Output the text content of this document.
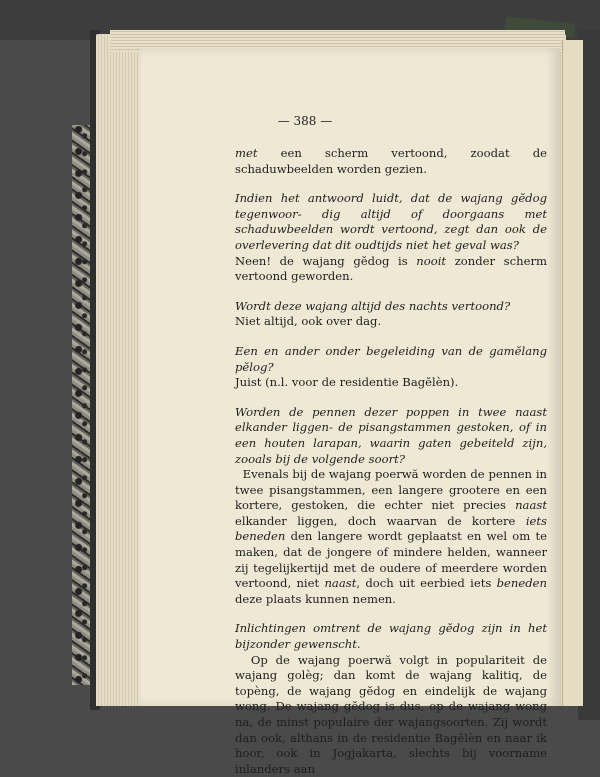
— 388 —

met een scherm vertoond, zoodat de schaduwbeelden worden gezien.

Indien het antwoord luidt, dat de wajang gĕdog tegenwoor- dig altijd of doorgaans met schaduwbeelden wordt vertoond, zegt dan ook de overlevering dat dit oudtijds niet het geval was?

Neen! de wajang gĕdog is nooit zonder scherm vertoond geworden.

Wordt deze wajang altijd des nachts vertoond?

Niet altijd, ook over dag.

Een en ander onder begeleiding van de gamĕlang pĕlog?

Juist (n.l. voor de residentie Bagĕlèn).

Worden de pennen dezer poppen in twee naast elkander liggen- de pisangstammen gestoken, of in een houten larapan, waarin gaten gebeiteld zijn, zooals bij de volgende soort?

Evenals bij de wajang poerwă worden de pennen in twee pisangstammen, een langere grootere en een kortere, gestoken, die echter niet precies naast elkander liggen, doch waarvan de kortere iets beneden den langere wordt geplaatst en wel om te maken, dat de jongere of mindere helden, wanneer zij tegelijkertijd met de oudere of meerdere worden vertoond, niet naast, doch uit eerbied iets beneden deze plaats kunnen nemen.

Inlichtingen omtrent de wajang gĕdog zijn in het bijzonder gewenscht.

Op de wajang poerwă volgt in populariteit de wajang golèg; dan komt de wajang kalitiq, de topèng, de wajang gĕdog en eindelijk de wajang wong. De wajang gĕdog is dus, op de wajang wong na, de minst populaire der wajangsoorten. Zij wordt dan ook, althans in de residentie Bagĕlèn en naar ik hoor, ook in Jogjakarta, slechts bij voorname inlanders aan
